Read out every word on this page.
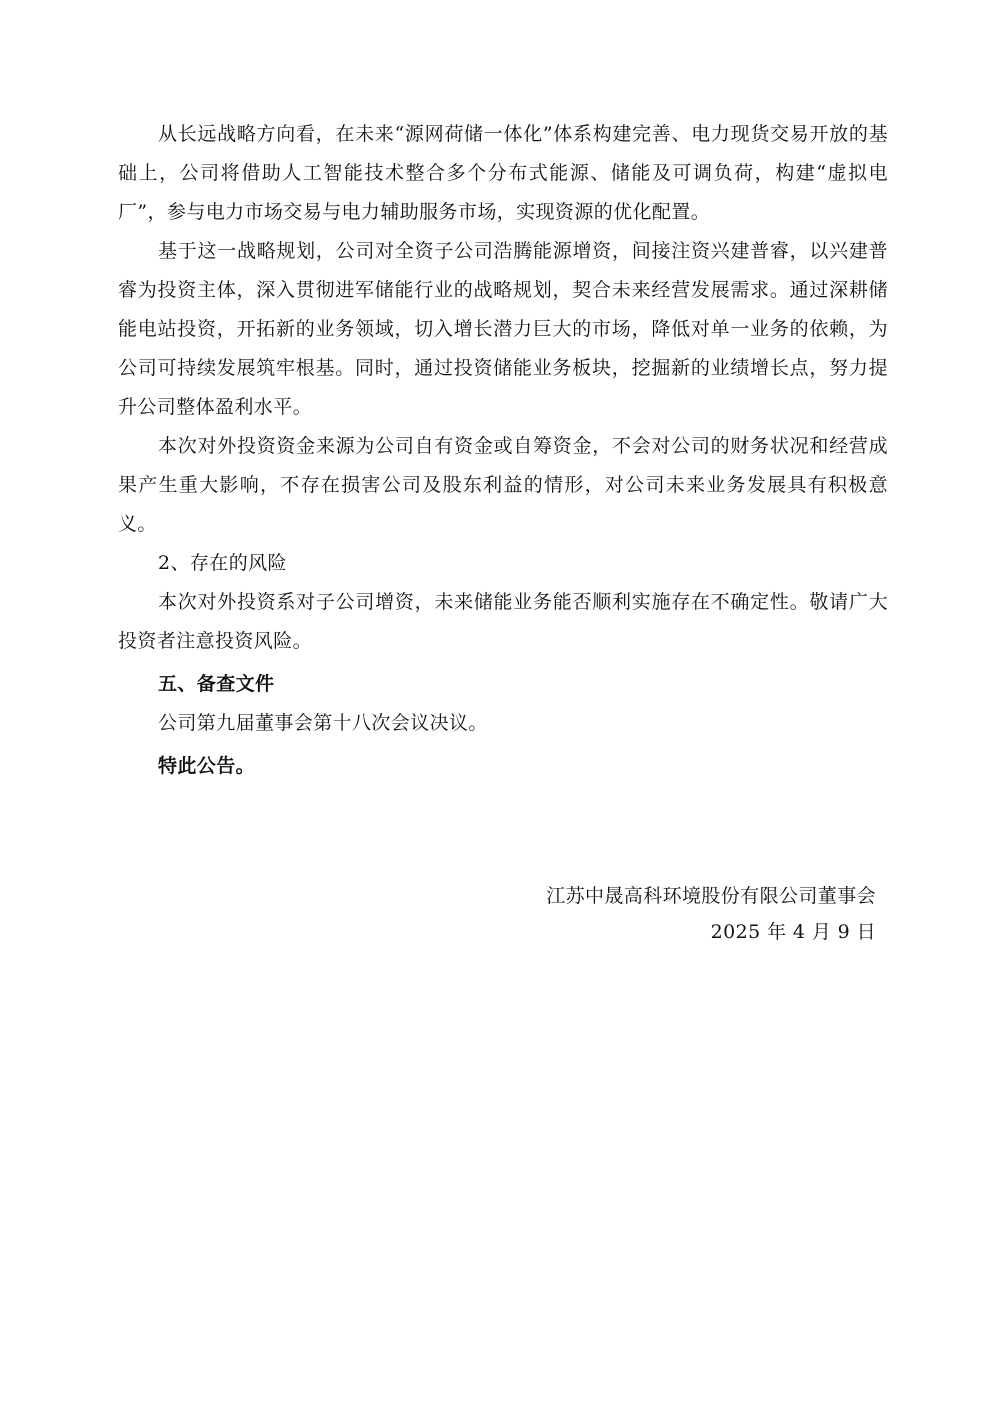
从长远战略方向看，在未来“源网荷储一体化”体系构建完善、电力现货交易开放的基础上，公司将借助人工智能技术整合多个分布式能源、储能及可调负荷，构建“虚拟电厂”，参与电力市场交易与电力辅助服务市场，实现资源的优化配置。

基于这一战略规划，公司对全资子公司浩腾能源增资，间接注资兴建普睿，以兴建普睿为投资主体，深入贯彻进军储能行业的战略规划，契合未来经营发展需求。通过深耕储能电站投资，开拓新的业务领域，切入增长潜力巨大的市场，降低对单一业务的依赖，为公司可持续发展筑牢根基。同时，通过投资储能业务板块，挖掘新的业绩增长点，努力提升公司整体盈利水平。

本次对外投资资金来源为公司自有资金或自筹资金，不会对公司的财务状况和经营成果产生重大影响，不存在损害公司及股东利益的情形，对公司未来业务发展具有积极意义。

2、存在的风险

本次对外投资系对子公司增资，未来储能业务能否顺利实施存在不确定性。敬请广大投资者注意投资风险。

五、备查文件

公司第九届董事会第十八次会议决议。

特此公告。

江苏中晟高科环境股份有限公司董事会
2025 年 4 月 9 日
